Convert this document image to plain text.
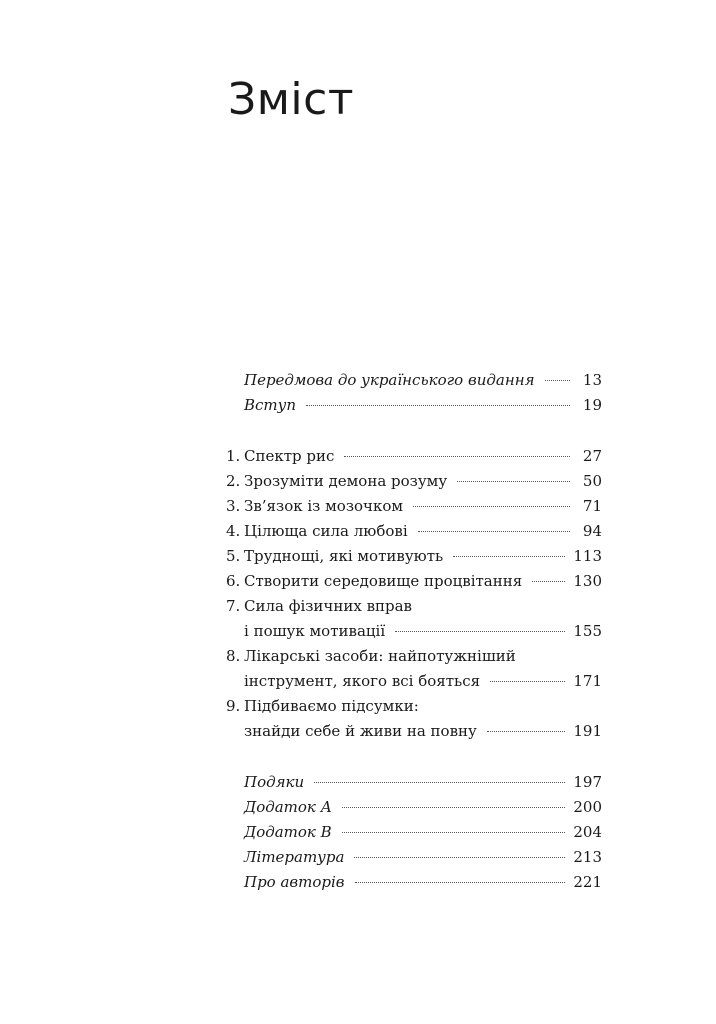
Зміст
Передмова до українського видання	13
Вступ	19
1. Спектр рис	27
2. Зрозуміти демона розуму	50
3. Зв’язок із мозочком	71
4. Цілюща сила любові	94
5. Труднощі, які мотивують	113
6. Створити середовище процвітання	130
7. Сила фізичних вправ
і пошук мотивації	155
8. Лікарські засоби: найпотужніший
інструмент, якого всі бояться	171
9. Підбиваємо підсумки:
знайди себе й живи на повну	191
Подяки	197
Додаток А	200
Додаток В	204
Література	213
Про авторів	221
